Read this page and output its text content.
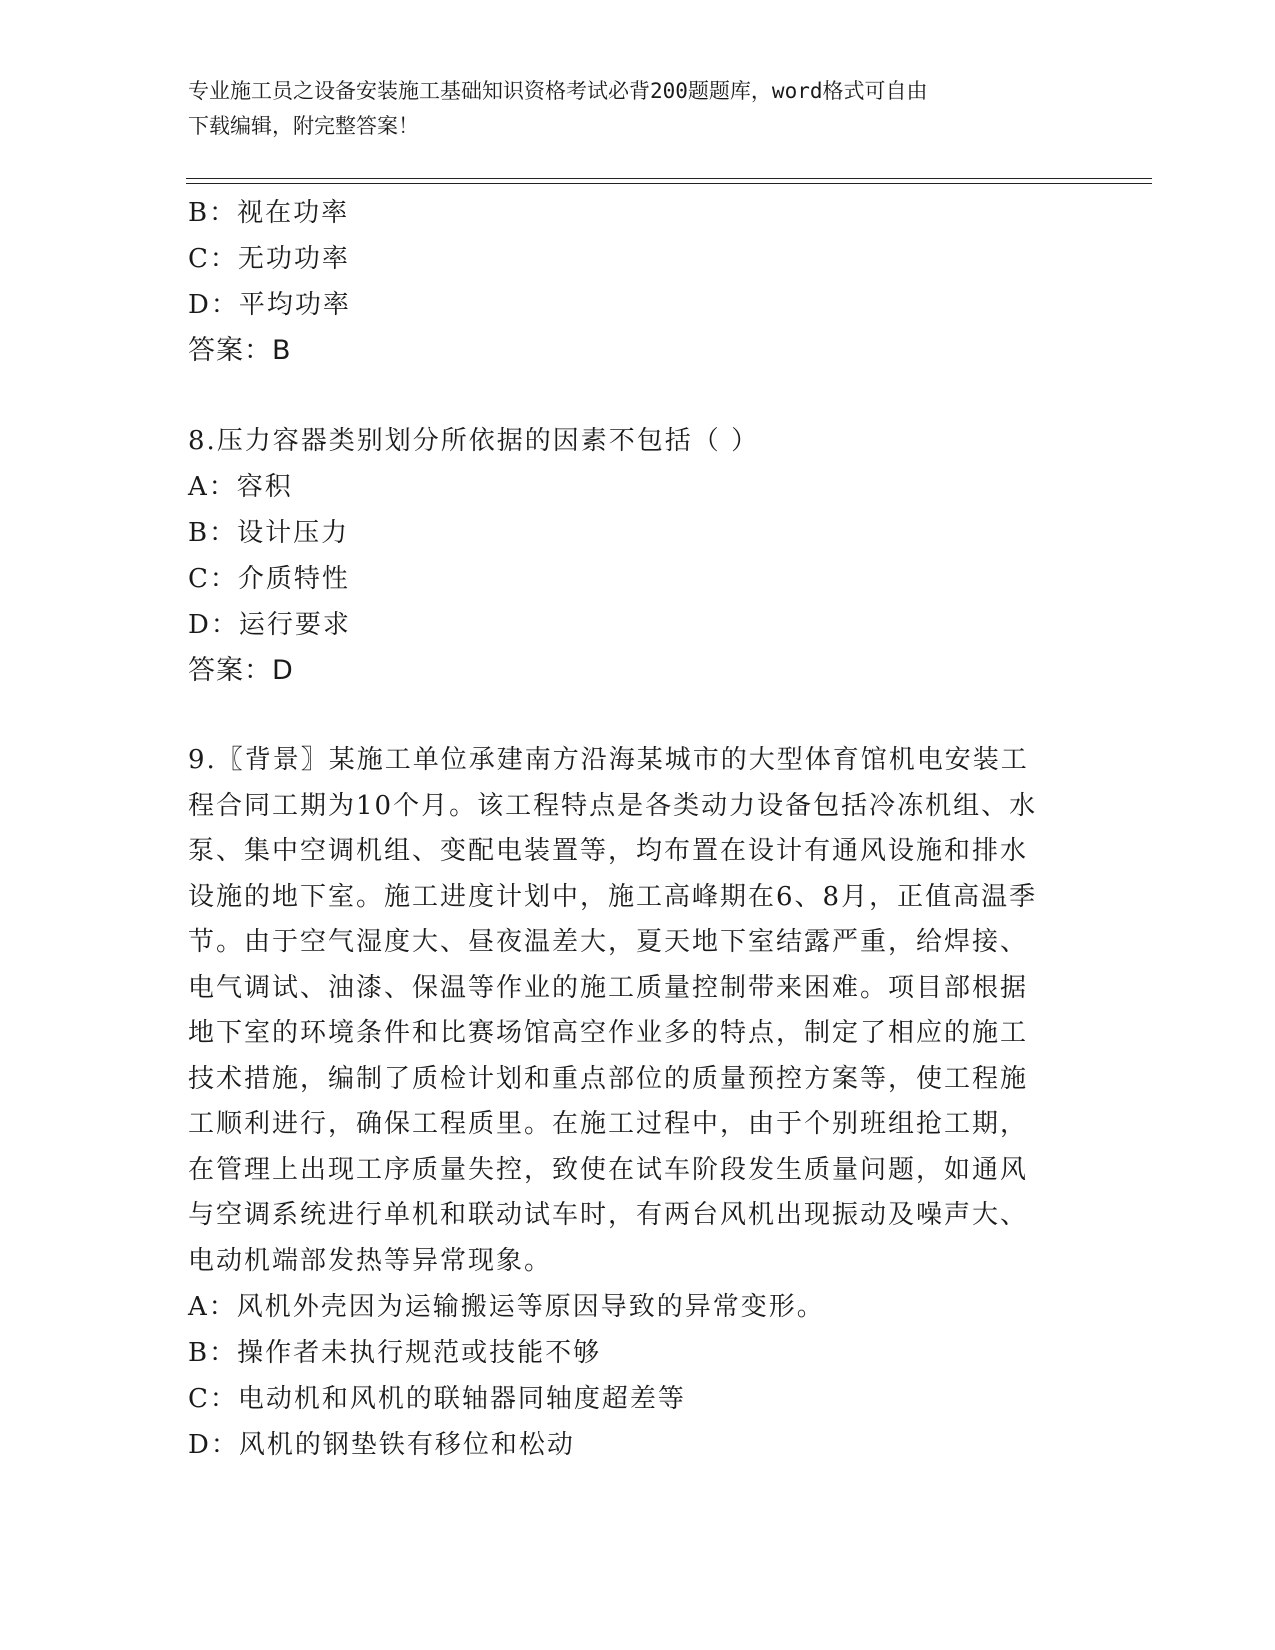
专业施工员之设备安装施工基础知识资格考试必背200题题库，word格式可自由
下载编辑，附完整答案！
B：视在功率
C：无功功率
D：平均功率
答案：B
8.压力容器类别划分所依据的因素不包括（ ）
A：容积
B：设计压力
C：介质特性
D：运行要求
答案：D
9.〖背景〗某施工单位承建南方沿海某城市的大型体育馆机电安装工
程合同工期为10个月。该工程特点是各类动力设备包括冷冻机组、水
泵、集中空调机组、变配电装置等，均布置在设计有通风设施和排水
设施的地下室。施工进度计划中，施工高峰期在6、8月，正值高温季
节。由于空气湿度大、昼夜温差大，夏天地下室结露严重，给焊接、
电气调试、油漆、保温等作业的施工质量控制带来困难。项目部根据
地下室的环境条件和比赛场馆高空作业多的特点，制定了相应的施工
技术措施，编制了质检计划和重点部位的质量预控方案等，使工程施
工顺利进行，确保工程质里。在施工过程中，由于个别班组抢工期，
在管理上出现工序质量失控，致使在试车阶段发生质量问题，如通风
与空调系统进行单机和联动试车时，有两台风机出现振动及噪声大、
电动机端部发热等异常现象。
A：风机外壳因为运输搬运等原因导致的异常变形。
B：操作者未执行规范或技能不够
C：电动机和风机的联轴器同轴度超差等
D：风机的钢垫铁有移位和松动
